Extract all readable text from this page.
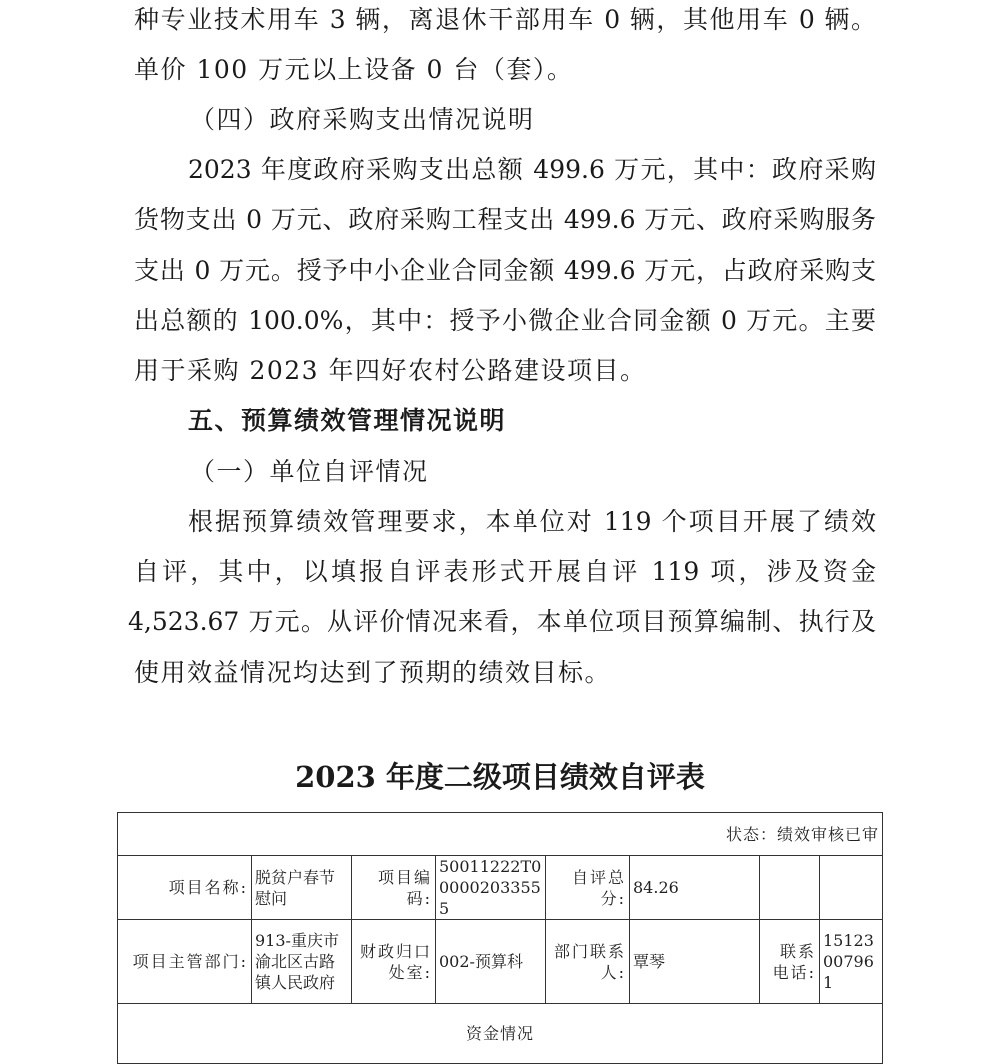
种专业技术用车 3 辆，离退休干部用车 0 辆，其他用车 0 辆。
单价 100 万元以上设备 0 台（套）。
（四）政府采购支出情况说明
2023 年度政府采购支出总额 499.6 万元，其中：政府采购
货物支出 0 万元、政府采购工程支出 499.6 万元、政府采购服务
支出 0 万元。授予中小企业合同金额 499.6 万元，占政府采购支
出总额的 100.0%，其中：授予小微企业合同金额 0 万元。主要
用于采购 2023 年四好农村公路建设项目。
五、预算绩效管理情况说明
（一）单位自评情况
根据预算绩效管理要求，本单位对 119 个项目开展了绩效
自评，其中，以填报自评表形式开展自评 119 项，涉及资金
4,523.67 万元。从评价情况来看，本单位项目预算编制、执行及
使用效益情况均达到了预期的绩效目标。
2023 年度二级项目绩效自评表
状态：绩效审核已审							
项目名称:	脱贫户春节慰问	项目编码:	50011222T000002033555	自评总分:	84.26		
项目主管部门:	913-重庆市渝北区古路镇人民政府	财政归口处室:	002-预算科	部门联系人:	覃琴	联系电话:	15123007961
资金情况							
